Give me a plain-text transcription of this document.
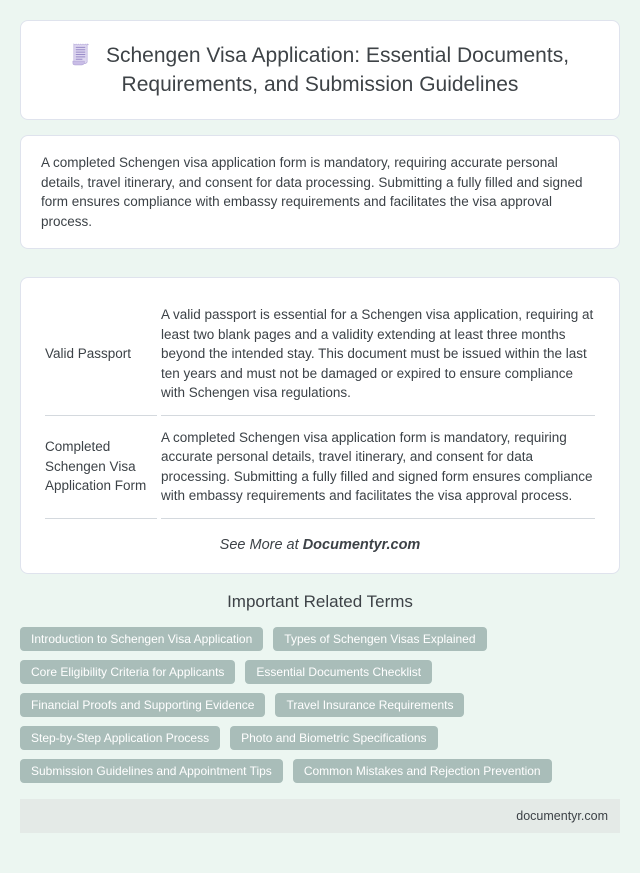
Schengen Visa Application: Essential Documents, Requirements, and Submission Guidelines

A completed Schengen visa application form is mandatory, requiring accurate personal details, travel itinerary, and consent for data processing. Submitting a fully filled and signed form ensures compliance with embassy requirements and facilitates the visa approval process.

Valid Passport	A valid passport is essential for a Schengen visa application, requiring at least two blank pages and a validity extending at least three months beyond the intended stay. This document must be issued within the last ten years and must not be damaged or expired to ensure compliance with Schengen visa regulations.
Completed Schengen Visa Application Form	A completed Schengen visa application form is mandatory, requiring accurate personal details, travel itinerary, and consent for data processing. Submitting a fully filled and signed form ensures compliance with embassy requirements and facilitates the visa approval process.

See More at Documentyr.com

Important Related Terms
Introduction to Schengen Visa Application	Types of Schengen Visas Explained
Core Eligibility Criteria for Applicants	Essential Documents Checklist
Financial Proofs and Supporting Evidence	Travel Insurance Requirements
Step-by-Step Application Process	Photo and Biometric Specifications
Submission Guidelines and Appointment Tips	Common Mistakes and Rejection Prevention
documentyr.com
